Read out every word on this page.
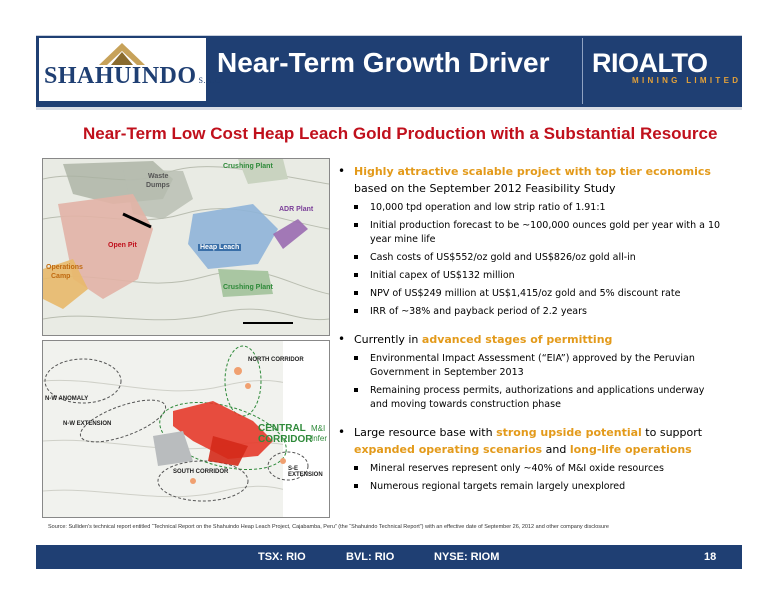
SHAHUINDO S.A.C
Near-Term Growth Driver RIOALTO
MINING LIMITED
Near-Term Low Cost Heap Leach Gold Production with a Substantial Resource
Crushing Plant
Waste
Dumps
ADR Plant
Heap Leach
Open Pit
Operations
Camp
Crushing Plant
NORTH CORRIDOR
N-W ANOMALY
N-W EXTENSION	CENTRAL
CORRIDOR
M&I
Infer
SOUTH CORRIDOR	S-E EXTENSION
• Highly attractive scalable project with top tier economics based on the September 2012 Feasibility Study
10,000 tpd operation and low strip ratio of 1.91:1
Initial production forecast to be ~100,000 ounces gold per year with a 10 year mine life
Cash costs of US$552/oz gold and US$826/oz gold all-in
Initial capex of US$132 million
NPV of US$249 million at US$1,415/oz gold and 5% discount rate
IRR of ~38% and payback period of 2.2 years
• Currently in advanced stages of permitting
Environmental Impact Assessment (“EIA”) approved by the Peruvian Government in September 2013
Remaining process permits, authorizations and applications underway and moving towards construction phase
• Large resource base with strong upside potential to support expanded operating scenarios and long-life operations
Mineral reserves represent only ~40% of M&I oxide resources
Numerous regional targets remain largely unexplored
Source: Sulliden's technical report entitled “Technical Report on the Shahuindo Heap Leach Project, Cajabamba, Peru” (the “Shahuindo Technical Report”) with an effective date of September 26, 2012 and other company disclosure
TSX: RIO	BVL: RIO	NYSE: RIOM	18
